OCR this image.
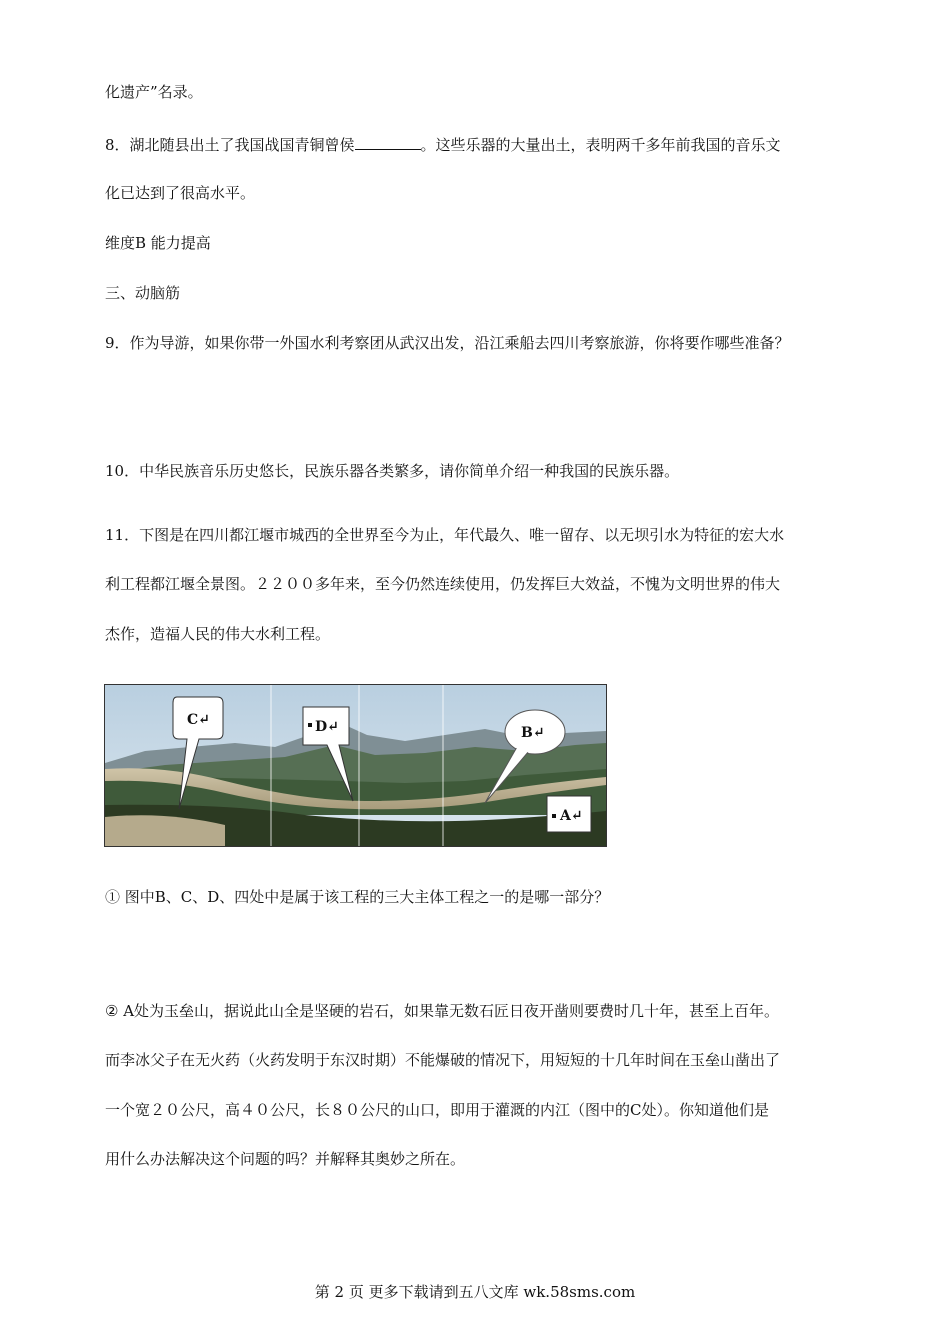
化遗产”名录。
8．湖北随县出土了我国战国青铜曾侯	。这些乐器的大量出土，表明两千多年前我国的音乐文
化已达到了很高水平。
维度B 能力提高
三、动脑筋
9．作为导游，如果你带一外国水利考察团从武汉出发，沿江乘船去四川考察旅游，你将要作哪些准备？
10．中华民族音乐历史悠长，民族乐器各类繁多，请你简单介绍一种我国的民族乐器。
11．下图是在四川都江堰市城西的全世界至今为止，年代最久、唯一留存、以无坝引水为特征的宏大水
利工程都江堰全景图。２２００多年来，至今仍然连续使用，仍发挥巨大效益，不愧为文明世界的伟大
杰作，造福人民的伟大水利工程。
C↵	D↵	B↵
A↵
① 图中B、C、D、四处中是属于该工程的三大主体工程之一的是哪一部分？
② A处为玉垒山，据说此山全是坚硬的岩石，如果靠无数石匠日夜开凿则要费时几十年，甚至上百年。
而李冰父子在无火药（火药发明于东汉时期）不能爆破的情况下，用短短的十几年时间在玉垒山凿出了
一个宽２０公尺，高４０公尺，长８０公尺的山口，即用于灌溉的内江（图中的C处）。你知道他们是
用什么办法解决这个问题的吗？并解释其奥妙之所在。
第 2 页 更多下载请到五八文库 wk.58sms.com
